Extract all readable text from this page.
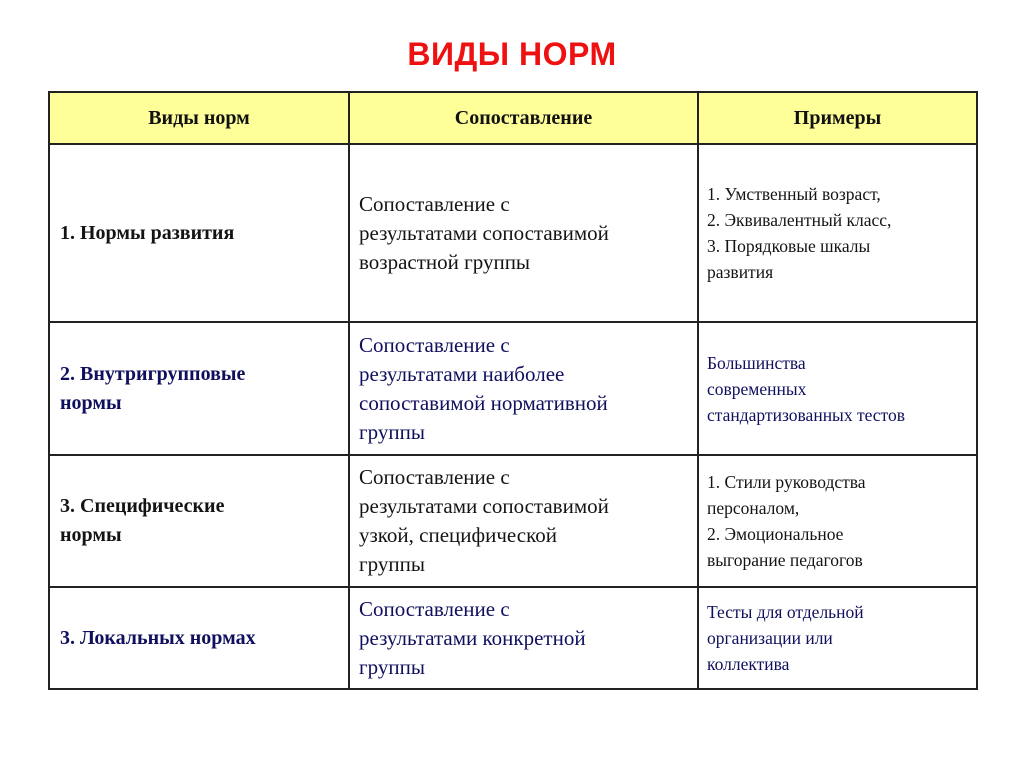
ВИДЫ НОРМ
Виды норм	Сопоставление	Примеры

1. Нормы развития	Сопоставление с
результатами сопоставимой
возрастной группы	1. Умственный возраст,
2. Эквивалентный класс,
3. Порядковые шкалы
развития

2. Внутригрупповые
нормы	Сопоставление с
результатами наиболее
сопоставимой нормативной
группы	Большинства
современных
стандартизованных тестов

3. Специфические
нормы	Сопоставление с
результатами сопоставимой
узкой, специфической
группы	1. Стили руководства
персоналом,
2. Эмоциональное
выгорание педагогов

3. Локальных нормах	Сопоставление с
результатами конкретной
группы	Тесты для отдельной
организации или
коллектива
